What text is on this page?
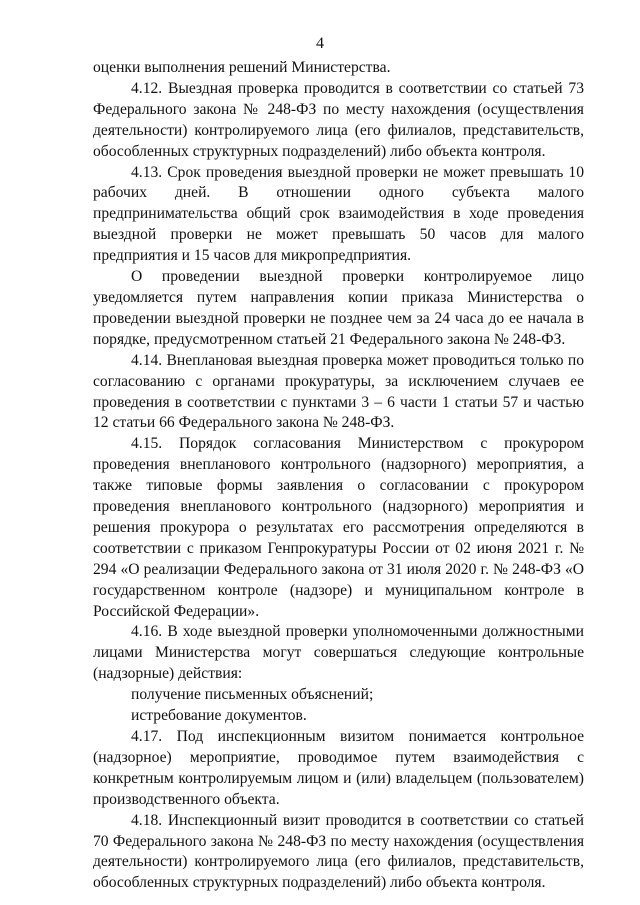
4

оценки выполнения решений Министерства.

4.12. Выездная проверка проводится в соответствии со статьей 73 Федерального закона № 248-ФЗ по месту нахождения (осуществления деятельности) контролируемого лица (его филиалов, представительств, обособленных структурных подразделений) либо объекта контроля.

4.13. Срок проведения выездной проверки не может превышать 10 рабочих дней. В отношении одного субъекта малого предпринимательства общий срок взаимодействия в ходе проведения выездной проверки не может превышать 50 часов для малого предприятия и 15 часов для микропредприятия.

О проведении выездной проверки контролируемое лицо уведомляется путем направления копии приказа Министерства о проведении выездной проверки не позднее чем за 24 часа до ее начала в порядке, предусмотренном статьей 21 Федерального закона № 248-ФЗ.

4.14. Внеплановая выездная проверка может проводиться только по согласованию с органами прокуратуры, за исключением случаев ее проведения в соответствии с пунктами 3 – 6 части 1 статьи 57 и частью 12 статьи 66 Федерального закона № 248-ФЗ.

4.15. Порядок согласования Министерством с прокурором проведения внепланового контрольного (надзорного) мероприятия, а также типовые формы заявления о согласовании с прокурором проведения внепланового контрольного (надзорного) мероприятия и решения прокурора о результатах его рассмотрения определяются в соответствии с приказом Генпрокуратуры России от 02 июня 2021 г. № 294 «О реализации Федерального закона от 31 июля 2020 г. № 248-ФЗ «О государственном контроле (надзоре) и муниципальном контроле в Российской Федерации».

4.16. В ходе выездной проверки уполномоченными должностными лицами Министерства могут совершаться следующие контрольные (надзорные) действия:

получение письменных объяснений;

истребование документов.

4.17. Под инспекционным визитом понимается контрольное (надзорное) мероприятие, проводимое путем взаимодействия с конкретным контролируемым лицом и (или) владельцем (пользователем) производственного объекта.

4.18. Инспекционный визит проводится в соответствии со статьей 70 Федерального закона № 248-ФЗ по месту нахождения (осуществления деятельности) контролируемого лица (его филиалов, представительств, обособленных структурных подразделений) либо объекта контроля.
